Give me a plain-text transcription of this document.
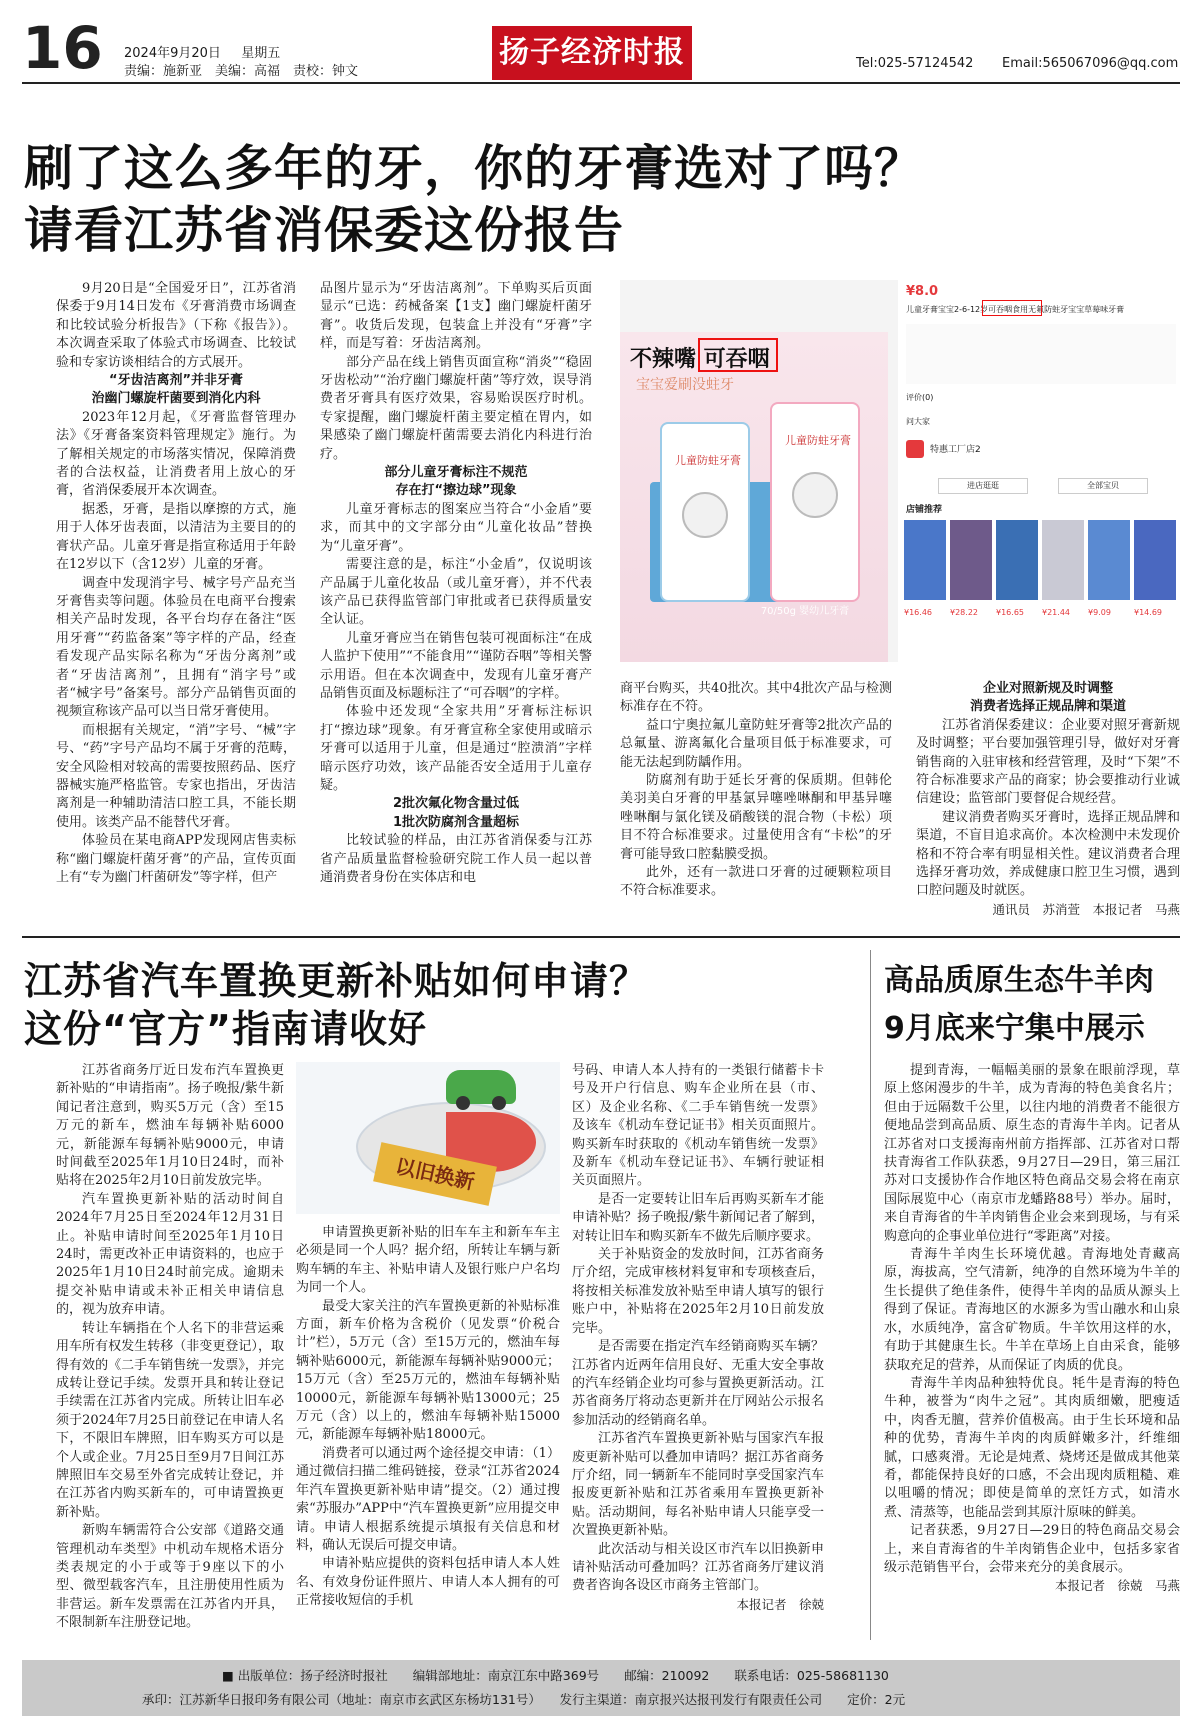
16 2024年9月20日 星期五
责编：施新亚　美编：高福　责校：钟文
扬子经济时报	Tel:025-57124542 Email:565067096@qq.com
刷了这么多年的牙，你的牙膏选对了吗？
请看江苏省消保委这份报告

9月20日是“全国爱牙日”，江苏省消保委于9月14日发布《牙膏消费市场调查和比较试验分析报告》（下称《报告》）。本次调查采取了体验式市场调查、比较试验和专家访谈相结合的方式展开。

“牙齿洁离剂”并非牙膏

治幽门螺旋杆菌要到消化内科

2023年12月起，《牙膏监督管理办法》《牙膏备案资料管理规定》施行。为了解相关规定的市场落实情况，保障消费者的合法权益，让消费者用上放心的牙膏，省消保委展开本次调查。

据悉，牙膏，是指以摩擦的方式，施用于人体牙齿表面，以清洁为主要目的的膏状产品。儿童牙膏是指宣称适用于年龄在12岁以下（含12岁）儿童的牙膏。

调查中发现消字号、械字号产品充当牙膏售卖等问题。体验员在电商平台搜索相关产品时发现，各平台均存在备注“医用牙膏”“药监备案”等字样的产品，经查看发现产品实际名称为“牙齿分离剂”或者“牙齿洁离剂”，且拥有“消字号”或者“械字号”备案号。部分产品销售页面的视频宣称该产品可以当日常牙膏使用。

而根据有关规定，“消”字号、“械”字号、“药”字号产品均不属于牙膏的范畴，安全风险相对较高的需要按照药品、医疗器械实施严格监管。专家也指出，牙齿洁离剂是一种辅助清洁口腔工具，不能长期使用。该类产品不能替代牙膏。

体验员在某电商APP发现网店售卖标称“幽门螺旋杆菌牙膏”的产品，宣传页面上有“专为幽门杆菌研发”等字样，但产

品图片显示为“牙齿洁离剂”。下单购买后页面显示“已选：药械备案【1支】幽门螺旋杆菌牙膏”。收货后发现，包装盒上并没有“牙膏”字样，而是写着：牙齿洁离剂。

部分产品在线上销售页面宣称“消炎”“稳固牙齿松动”“治疗幽门螺旋杆菌”等疗效，误导消费者牙膏具有医疗效果，容易贻误医疗时机。专家提醒，幽门螺旋杆菌主要定植在胃内，如果感染了幽门螺旋杆菌需要去消化内科进行治疗。

部分儿童牙膏标注不规范

存在打“擦边球”现象

儿童牙膏标志的图案应当符合“小金盾”要求，而其中的文字部分由“儿童化妆品”替换为“儿童牙膏”。

需要注意的是，标注“小金盾”，仅说明该产品属于儿童化妆品（或儿童牙膏），并不代表该产品已获得监管部门审批或者已获得质量安全认证。

儿童牙膏应当在销售包装可视面标注“在成人监护下使用”“不能食用”“谨防吞咽”等相关警示用语。但在本次调查中，发现有儿童牙膏产品销售页面及标题标注了“可吞咽”的字样。

体验中还发现“全家共用”牙膏标注标识打“擦边球”现象。有牙膏宣称全家使用或暗示牙膏可以适用于儿童，但是通过“腔溃消”字样暗示医疗功效，该产品能否安全适用于儿童存疑。

2批次氟化物含量过低

1批次防腐剂含量超标

比较试验的样品，由江苏省消保委与江苏省产品质量监督检验研究院工作人员一起以普通消费者身份在实体店和电

不辣嘴 可吞咽
宝宝爱刷没蛀牙
儿童防蛀牙膏
儿童防蛀牙膏
70/50g 婴幼儿牙膏
¥8.0
儿童牙膏宝宝2-6-12岁可吞咽食用无氟防蛀牙宝宝草莓味牙膏
评价(0)
问大家
特惠工厂店2
进店逛逛	全部宝贝
店铺推荐
¥16.46	¥28.22	¥16.65	¥21.44	¥9.09	¥14.69

商平台购买，共40批次。其中4批次产品与检测标准存在不符。

益口宁奥拉氟儿童防蛀牙膏等2批次产品的总氟量、游离氟化合量项目低于标准要求，可能无法起到防龋作用。

防腐剂有助于延长牙膏的保质期。但韩伦美羽美白牙膏的甲基氯异噻唑啉酮和甲基异噻唑啉酮与氯化镁及硝酸镁的混合物（卡松）项目不符合标准要求。过量使用含有“卡松”的牙膏可能导致口腔黏膜受损。

此外，还有一款进口牙膏的过硬颗粒项目不符合标准要求。

企业对照新规及时调整

消费者选择正规品牌和渠道

江苏省消保委建议：企业要对照牙膏新规及时调整；平台要加强管理引导，做好对牙膏销售商的入驻审核和经营管理，及时“下架”不符合标准要求产品的商家；协会要推动行业诚信建设；监管部门要督促合规经营。

建议消费者购买牙膏时，选择正规品牌和渠道，不盲目追求高价。本次检测中未发现价格和不符合率有明显相关性。建议消费者合理选择牙膏功效，养成健康口腔卫生习惯，遇到口腔问题及时就医。

通讯员　苏消萱　本报记者　马燕

江苏省汽车置换更新补贴如何申请？
这份“官方”指南请收好

江苏省商务厅近日发布汽车置换更新补贴的“申请指南”。扬子晚报/紫牛新闻记者注意到，购买5万元（含）至15万元的新车，燃油车每辆补贴6000元，新能源车每辆补贴9000元，申请时间截至2025年1月10日24时，而补贴将在2025年2月10日前发放完毕。

汽车置换更新补贴的活动时间自2024年7月25日至2024年12月31日止。补贴申请时间至2025年1月10日24时，需更改补正申请资料的，也应于2025年1月10日24时前完成。逾期未提交补贴申请或未补正相关申请信息的，视为放弃申请。

转让车辆指在个人名下的非营运乘用车所有权发生转移（非变更登记），取得有效的《二手车销售统一发票》，并完成转让登记手续。发票开具和转让登记手续需在江苏省内完成。所转让旧车必须于2024年7月25日前登记在申请人名下，不限旧车牌照，旧车购买方可以是个人或企业。7月25日至9月7日间江苏牌照旧车交易至外省完成转让登记，并在江苏省内购买新车的，可申请置换更新补贴。

新购车辆需符合公安部《道路交通管理机动车类型》中机动车规格术语分类表规定的小于或等于9座以下的小型、微型载客汽车，且注册使用性质为非营运。新车发票需在江苏省内开具，不限制新车注册登记地。

以旧换新

申请置换更新补贴的旧车车主和新车车主必须是同一个人吗？据介绍，所转让车辆与新购车辆的车主、补贴申请人及银行账户户名均为同一个人。

最受大家关注的汽车置换更新的补贴标准方面，新车价格为含税价（见发票“价税合计”栏），5万元（含）至15万元的，燃油车每辆补贴6000元，新能源车每辆补贴9000元；15万元（含）至25万元的，燃油车每辆补贴10000元，新能源车每辆补贴13000元；25万元（含）以上的，燃油车每辆补贴15000元，新能源车每辆补贴18000元。

消费者可以通过两个途径提交申请：（1）通过微信扫描二维码链接，登录“江苏省2024年汽车置换更新补贴申请”提交。（2）通过搜索“苏服办”APP中“汽车置换更新”应用提交申请。申请人根据系统提示填报有关信息和材料，确认无误后可提交申请。

申请补贴应提供的资料包括申请人本人姓名、有效身份证件照片、申请人本人拥有的可正常接收短信的手机

号码、申请人本人持有的一类银行储蓄卡卡号及开户行信息、购车企业所在县（市、区）及企业名称、《二手车销售统一发票》及该车《机动车登记证书》相关页面照片。购买新车时获取的《机动车销售统一发票》及新车《机动车登记证书》、车辆行驶证相关页面照片。

是否一定要转让旧车后再购买新车才能申请补贴？扬子晚报/紫牛新闻记者了解到，对转让旧车和购买新车不做先后顺序要求。

关于补贴资金的发放时间，江苏省商务厅介绍，完成审核材料复审和专项核查后，将按相关标准发放补贴至申请人填写的银行账户中，补贴将在2025年2月10日前发放完毕。

是否需要在指定汽车经销商购买车辆？江苏省内近两年信用良好、无重大安全事故的汽车经销企业均可参与置换更新活动。江苏省商务厅将动态更新并在厅网站公示报名参加活动的经销商名单。

江苏省汽车置换更新补贴与国家汽车报废更新补贴可以叠加申请吗？据江苏省商务厅介绍，同一辆新车不能同时享受国家汽车报废更新补贴和江苏省乘用车置换更新补贴。活动期间，每名补贴申请人只能享受一次置换更新补贴。

此次活动与相关设区市汽车以旧换新申请补贴活动可叠加吗？江苏省商务厅建议消费者咨询各设区市商务主管部门。

本报记者　徐兢

高品质原生态牛羊肉
9月底来宁集中展示

提到青海，一幅幅美丽的景象在眼前浮现，草原上悠闲漫步的牛羊，成为青海的特色美食名片；但由于远隔数千公里，以往内地的消费者不能很方便地品尝到高品质、原生态的青海牛羊肉。记者从江苏省对口支援海南州前方指挥部、江苏省对口帮扶青海省工作队获悉，9月27日—29日，第三届江苏对口支援协作合作地区特色商品交易会将在南京国际展览中心（南京市龙蟠路88号）举办。届时，来自青海省的牛羊肉销售企业会来到现场，与有采购意向的企事业单位进行“零距离”对接。

青海牛羊肉生长环境优越。青海地处青藏高原，海拔高，空气清新，纯净的自然环境为牛羊的生长提供了绝佳条件，使得牛羊肉的品质从源头上得到了保证。青海地区的水源多为雪山融水和山泉水，水质纯净，富含矿物质。牛羊饮用这样的水，有助于其健康生长。牛羊在草场上自由采食，能够获取充足的营养，从而保证了肉质的优良。

青海牛羊肉品种独特优良。牦牛是青海的特色牛种，被誉为“肉牛之冠”。其肉质细嫩，肥瘦适中，肉香无膻，营养价值极高。由于生长环境和品种的优势，青海牛羊肉的肉质鲜嫩多汁，纤维细腻，口感爽滑。无论是炖煮、烧烤还是做成其他菜肴，都能保持良好的口感，不会出现肉质粗糙、难以咀嚼的情况；即使是简单的烹饪方式，如清水煮、清蒸等，也能品尝到其原汁原味的鲜美。

记者获悉，9月27日—29日的特色商品交易会上，来自青海省的牛羊肉销售企业中，包括多家省级示范销售平台，会带来充分的美食展示。

本报记者　徐兢　马燕

■ 出版单位：扬子经济时报社　　编辑部地址：南京江东中路369号　　邮编：210092　　联系电话：025-58681130
承印：江苏新华日报印务有限公司（地址：南京市玄武区东杨坊131号）　　发行主渠道：南京报兴达报刊发行有限责任公司　　定价：2元
